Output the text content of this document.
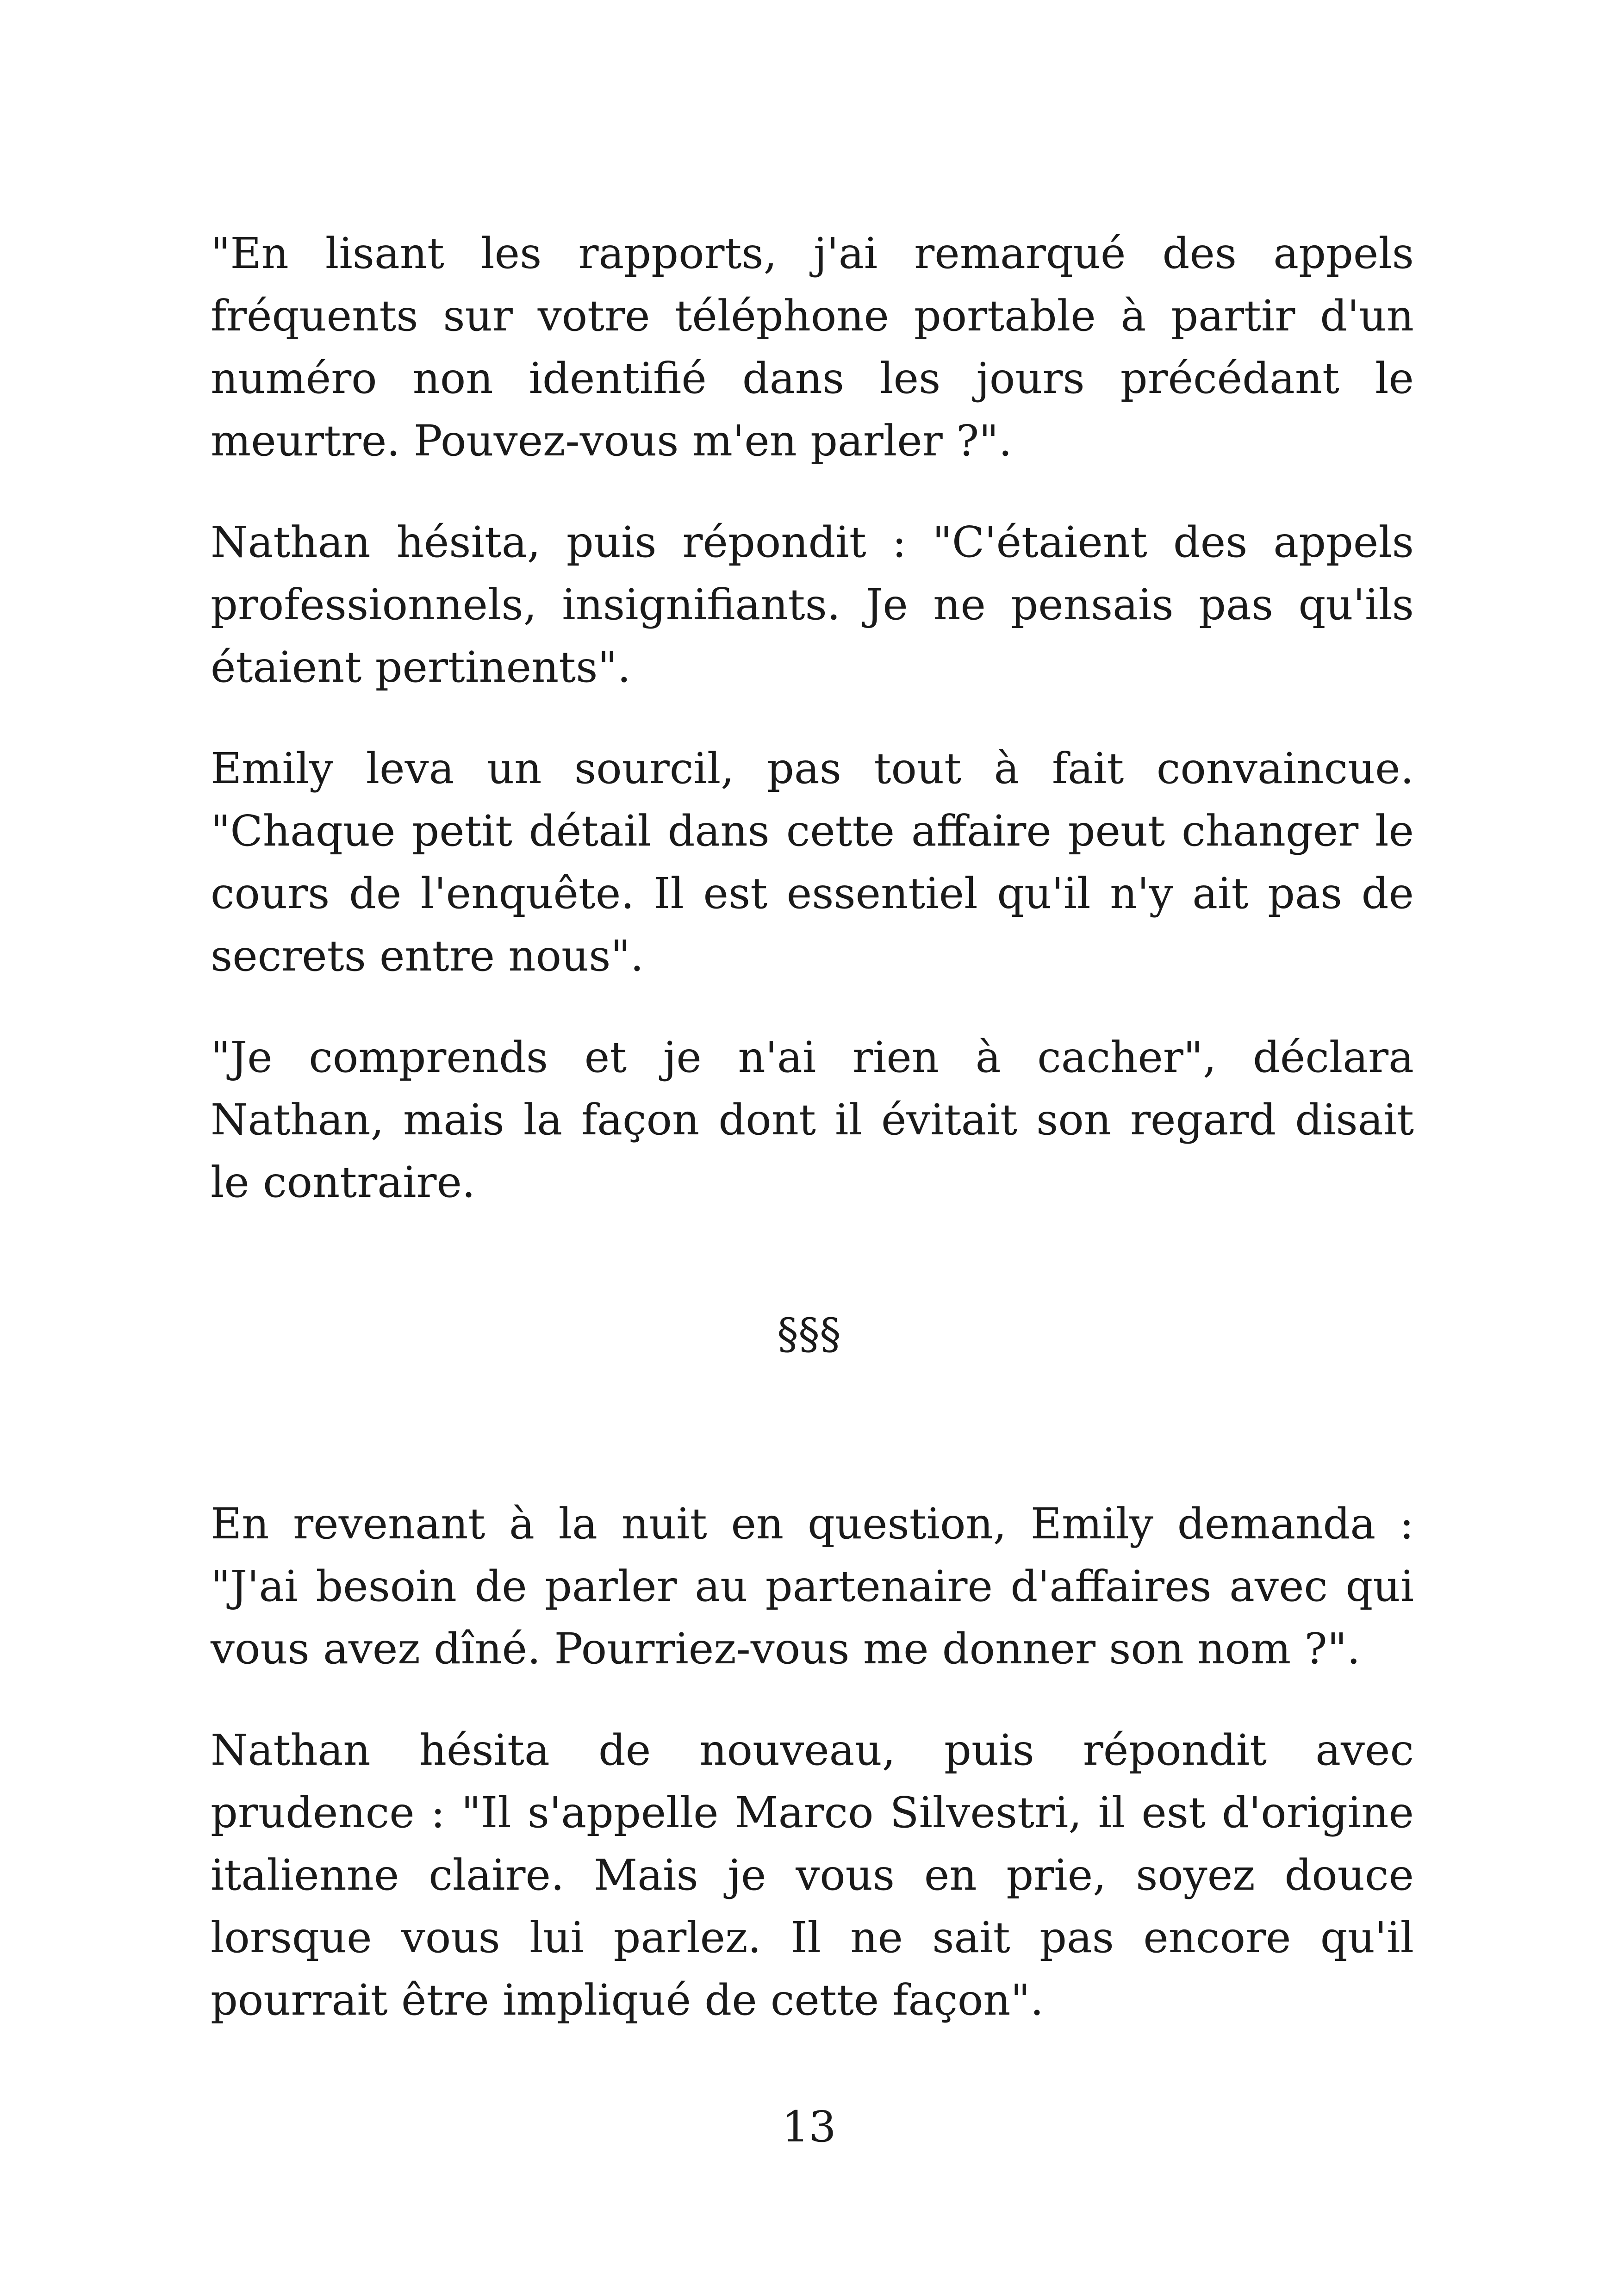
"En lisant les rapports, j'ai remarqué des appels fréquents sur votre téléphone portable à partir d'un numéro non identifié dans les jours précédant le meurtre. Pouvez-vous m'en parler ?".

Nathan hésita, puis répondit : "C'étaient des appels professionnels, insignifiants. Je ne pensais pas qu'ils étaient pertinents".

Emily leva un sourcil, pas tout à fait convaincue. "Chaque petit détail dans cette affaire peut changer le cours de l'enquête. Il est essentiel qu'il n'y ait pas de secrets entre nous".

"Je comprends et je n'ai rien à cacher", déclara Nathan, mais la façon dont il évitait son regard disait le contraire.

§§§

En revenant à la nuit en question, Emily demanda : "J'ai besoin de parler au partenaire d'affaires avec qui vous avez dîné. Pourriez-vous me donner son nom ?".

Nathan hésita de nouveau, puis répondit avec prudence : "Il s'appelle Marco Silvestri, il est d'origine italienne claire. Mais je vous en prie, soyez douce lorsque vous lui parlez. Il ne sait pas encore qu'il pourrait être impliqué de cette façon".

13
